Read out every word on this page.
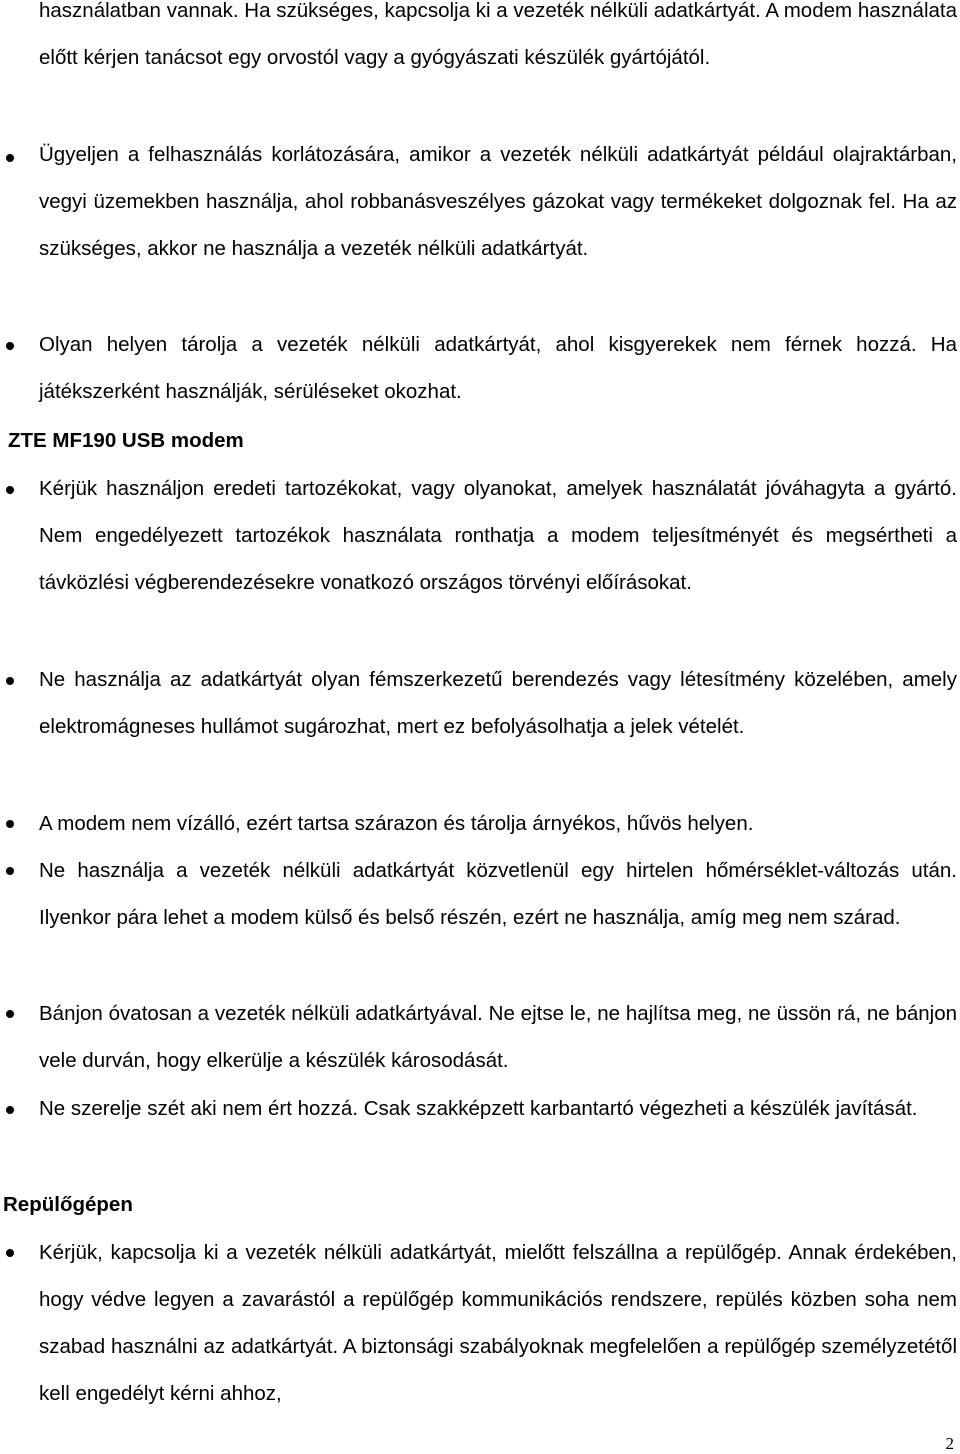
használatban vannak. Ha szükséges, kapcsolja ki a vezeték nélküli adatkártyát. A modem használata előtt kérjen tanácsot egy orvostól vagy a gyógyászati készülék gyártójától.

Ügyeljen a felhasználás korlátozására, amikor a vezeték nélküli adatkártyát például olajraktárban, vegyi üzemekben használja, ahol robbanásveszélyes gázokat vagy termékeket dolgoznak fel. Ha az szükséges, akkor ne használja a vezeték nélküli adatkártyát.

Olyan helyen tárolja a vezeték nélküli adatkártyát, ahol kisgyerekek nem férnek hozzá. Ha játékszerként használják, sérüléseket okozhat.

ZTE MF190 USB modem

Kérjük használjon eredeti tartozékokat, vagy olyanokat, amelyek használatát jóváhagyta a gyártó. Nem engedélyezett tartozékok használata ronthatja a modem teljesítményét és megsértheti a távközlési végberendezésekre vonatkozó országos törvényi előírásokat.

Ne használja az adatkártyát olyan fémszerkezetű berendezés vagy létesítmény közelében, amely elektromágneses hullámot sugározhat, mert ez befolyásolhatja a jelek vételét.

A modem nem vízálló, ezért tartsa szárazon és tárolja árnyékos, hűvös helyen.

Ne használja a vezeték nélküli adatkártyát közvetlenül egy hirtelen hőmérséklet-változás után. Ilyenkor pára lehet a modem külső és belső részén, ezért ne használja, amíg meg nem szárad.

Bánjon óvatosan a vezeték nélküli adatkártyával. Ne ejtse le, ne hajlítsa meg, ne üssön rá, ne bánjon vele durván, hogy elkerülje a készülék károsodását.

Ne szerelje szét aki nem ért hozzá. Csak szakképzett karbantartó végezheti a készülék javítását.

Repülőgépen

Kérjük, kapcsolja ki a vezeték nélküli adatkártyát, mielőtt felszállna a repülőgép. Annak érdekében, hogy védve legyen a zavarástól a repülőgép kommunikációs rendszere, repülés közben soha nem szabad használni az adatkártyát. A biztonsági szabályoknak megfelelően a repülőgép személyzetétől kell engedélyt kérni ahhoz,

2
